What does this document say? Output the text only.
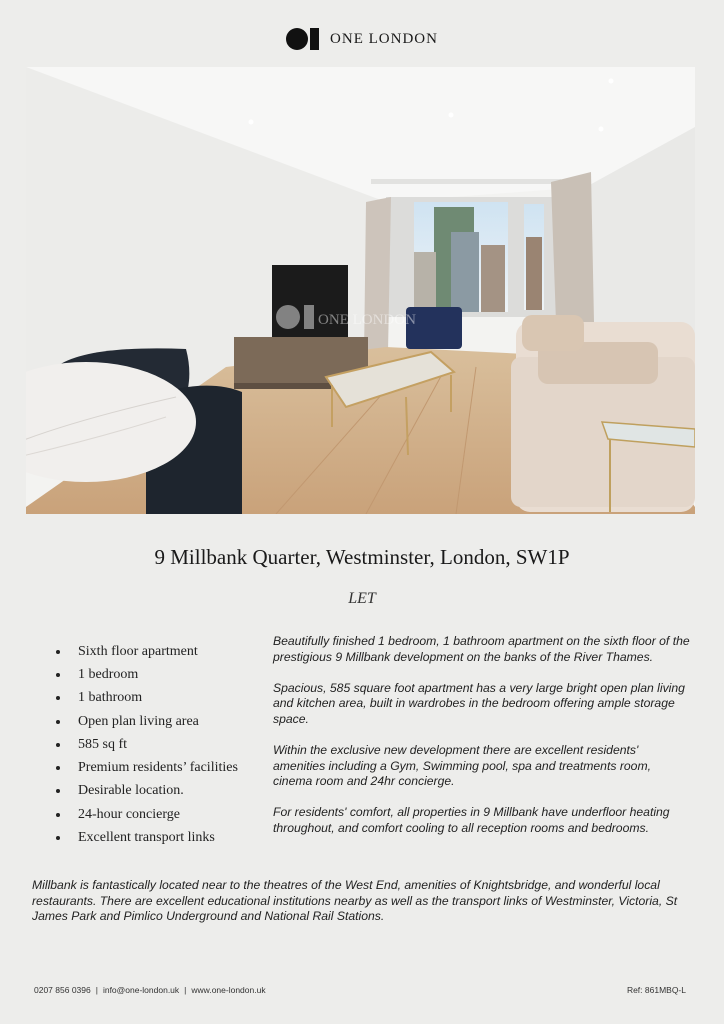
ONE LONDON
ONE LONDON
9 Millbank Quarter, Westminster, London, SW1P
LET
Sixth floor apartment
1 bedroom
1 bathroom
Open plan living area
585 sq ft
Premium residents’ facilities
Desirable location.
24-hour concierge
Excellent transport links

Beautifully finished 1 bedroom, 1 bathroom apartment on the sixth floor of the prestigious 9 Millbank development on the banks of the River Thames.

Spacious, 585 square foot apartment has a very large bright open plan living and kitchen area, built in wardrobes in the bedroom offering ample storage space.

Within the exclusive new development there are excellent residents' amenities including a Gym, Swimming pool, spa and treatments room, cinema room and 24hr concierge.

For residents' comfort, all properties in 9 Millbank have underfloor heating throughout, and comfort cooling to all reception rooms and bedrooms.

Millbank is fantastically located near to the theatres of the West End, amenities of Knightsbridge, and wonderful local restaurants. There are excellent educational institutions nearby as well as the transport links of Westminster, Victoria, St James Park and Pimlico Underground and National Rail Stations.

0207 856 0396 | info@one-london.uk | www.one-london.uk	Ref: 861MBQ-L
